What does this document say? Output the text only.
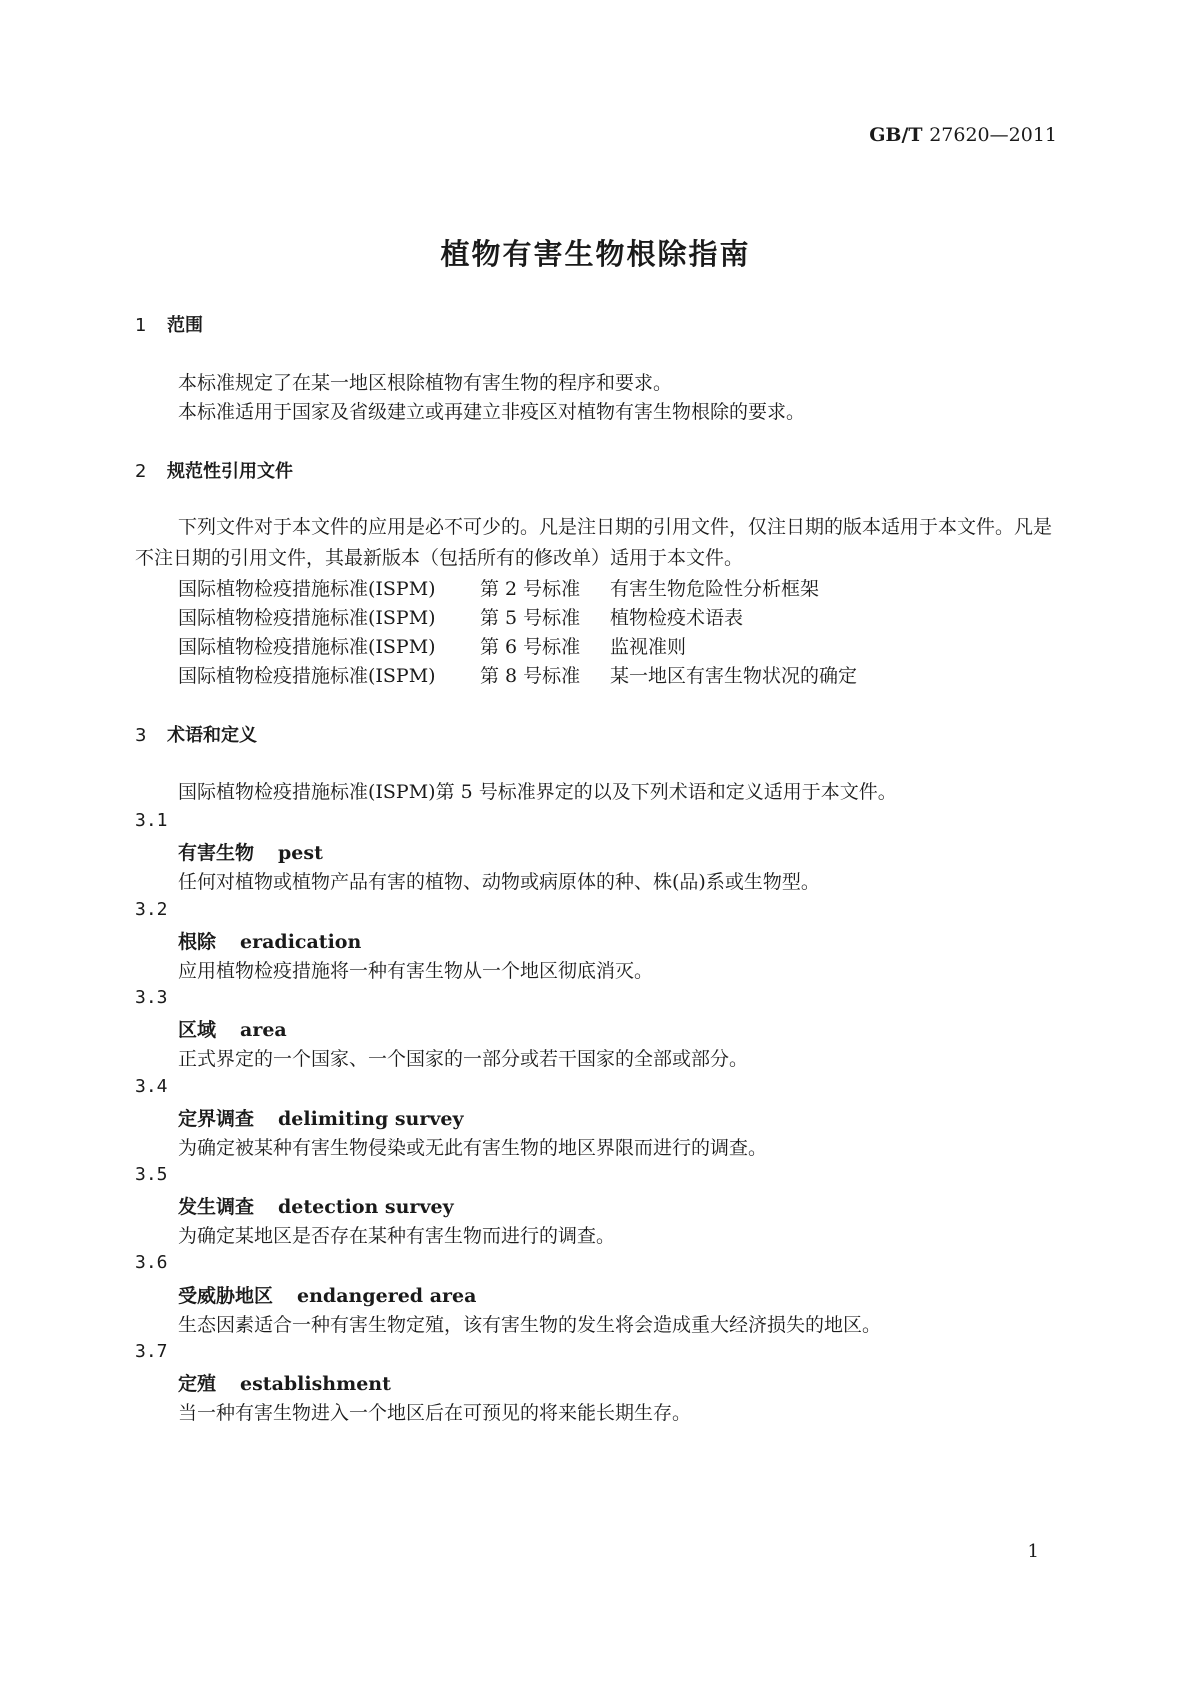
GB/T 27620—2011
植物有害生物根除指南
1 范围
本标准规定了在某一地区根除植物有害生物的程序和要求。
本标准适用于国家及省级建立或再建立非疫区对植物有害生物根除的要求。
2 规范性引用文件
下列文件对于本文件的应用是必不可少的。凡是注日期的引用文件，仅注日期的版本适用于本文件。凡是不注日期的引用文件，其最新版本（包括所有的修改单）适用于本文件。
国际植物检疫措施标准(ISPM) 第 2 号标准 有害生物危险性分析框架
国际植物检疫措施标准(ISPM) 第 5 号标准 植物检疫术语表
国际植物检疫措施标准(ISPM) 第 6 号标准 监视准则
国际植物检疫措施标准(ISPM) 第 8 号标准 某一地区有害生物状况的确定
3 术语和定义
国际植物检疫措施标准(ISPM)第 5 号标准界定的以及下列术语和定义适用于本文件。
3.1
有害生物 pest
任何对植物或植物产品有害的植物、动物或病原体的种、株(品)系或生物型。
3.2
根除 eradication
应用植物检疫措施将一种有害生物从一个地区彻底消灭。
3.3
区域 area
正式界定的一个国家、一个国家的一部分或若干国家的全部或部分。
3.4
定界调查 delimiting survey
为确定被某种有害生物侵染或无此有害生物的地区界限而进行的调查。
3.5
发生调查 detection survey
为确定某地区是否存在某种有害生物而进行的调查。
3.6
受威胁地区 endangered area
生态因素适合一种有害生物定殖，该有害生物的发生将会造成重大经济损失的地区。
3.7
定殖 establishment
当一种有害生物进入一个地区后在可预见的将来能长期生存。
1
